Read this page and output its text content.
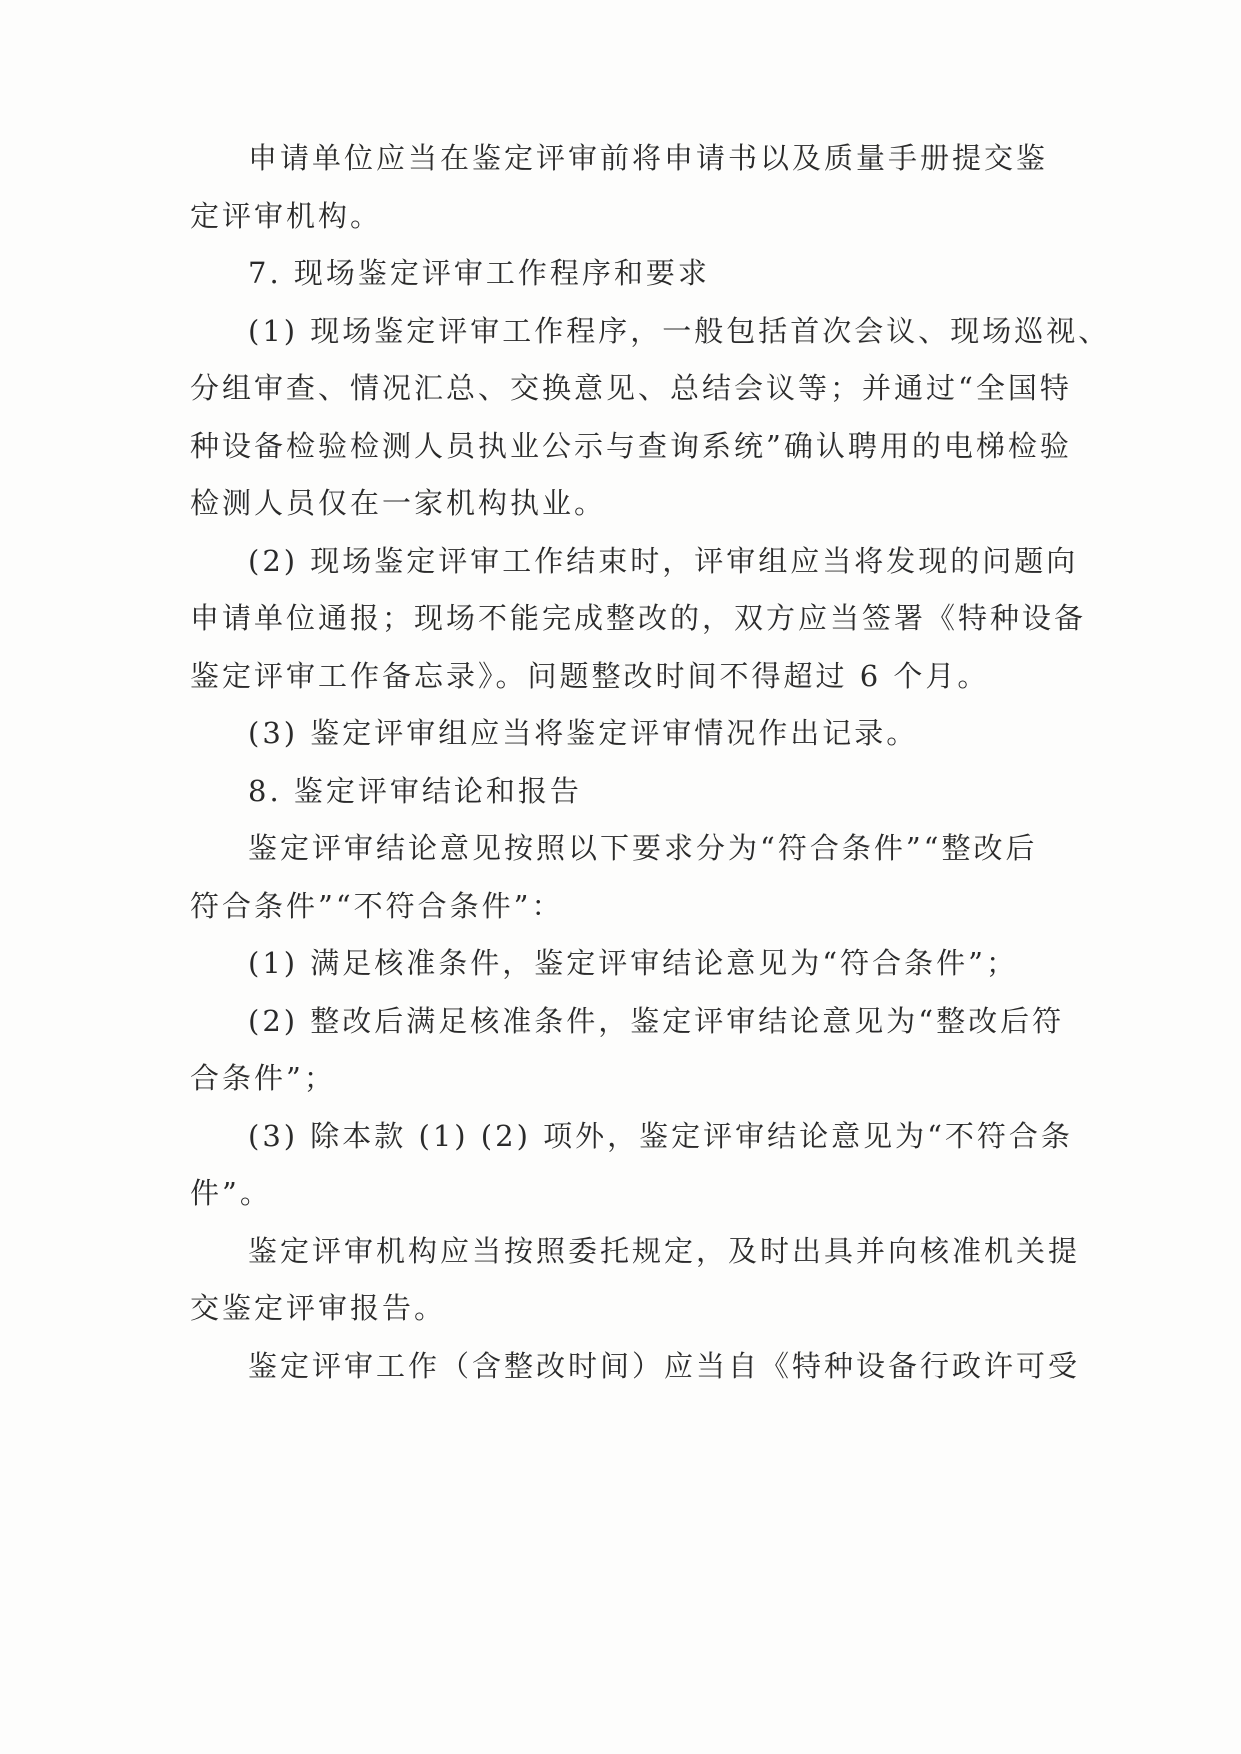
申请单位应当在鉴定评审前将申请书以及质量手册提交鉴
定评审机构。
7. 现场鉴定评审工作程序和要求
(1) 现场鉴定评审工作程序，一般包括首次会议、现场巡视、
分组审查、情况汇总、交换意见、总结会议等；并通过“全国特
种设备检验检测人员执业公示与查询系统”确认聘用的电梯检验
检测人员仅在一家机构执业。
(2) 现场鉴定评审工作结束时，评审组应当将发现的问题向
申请单位通报；现场不能完成整改的，双方应当签署《特种设备
鉴定评审工作备忘录》。问题整改时间不得超过 6 个月。
(3) 鉴定评审组应当将鉴定评审情况作出记录。
8. 鉴定评审结论和报告
鉴定评审结论意见按照以下要求分为“符合条件”“整改后
符合条件”“不符合条件”：
(1) 满足核准条件，鉴定评审结论意见为“符合条件”；
(2) 整改后满足核准条件，鉴定评审结论意见为“整改后符
合条件”；
(3) 除本款 (1) (2) 项外，鉴定评审结论意见为“不符合条
件”。
鉴定评审机构应当按照委托规定，及时出具并向核准机关提
交鉴定评审报告。
鉴定评审工作（含整改时间）应当自《特种设备行政许可受
